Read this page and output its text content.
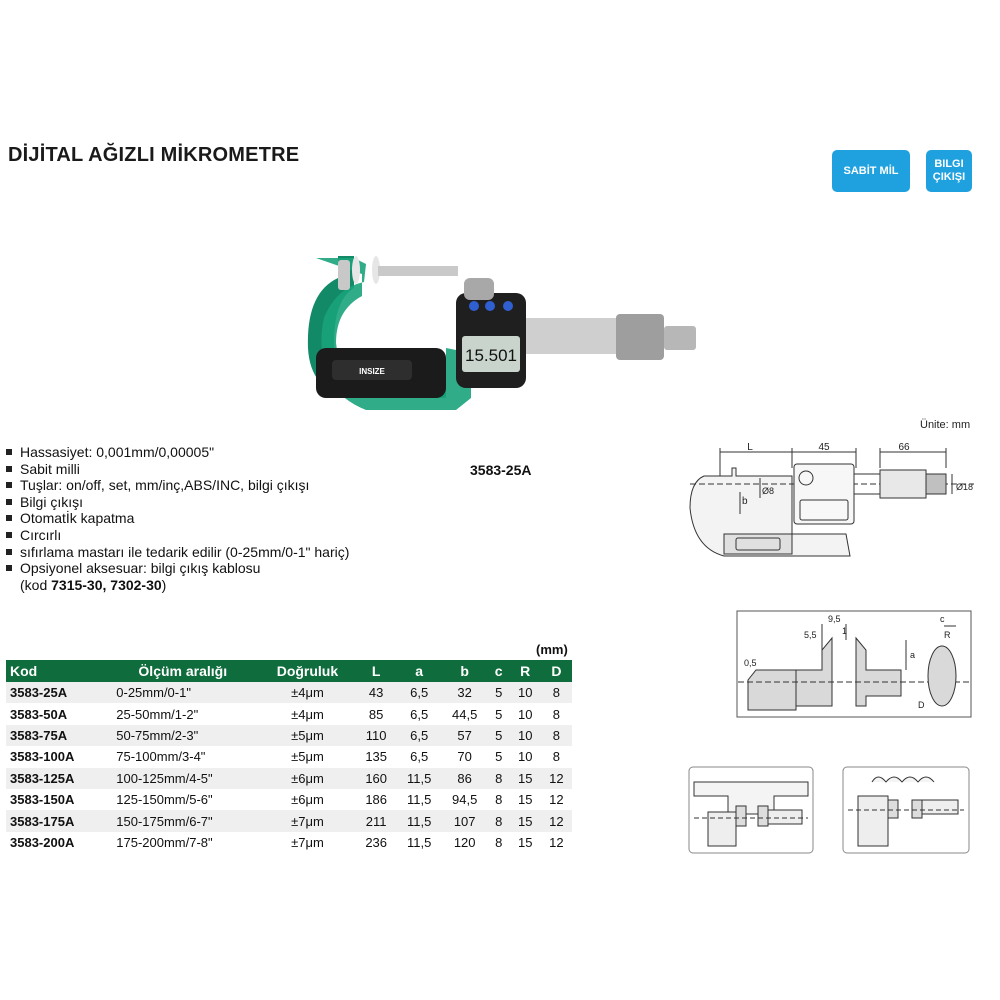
DİJİTAL AĞIZLI MİKROMETRE
SABİT MİL
BILGI
ÇIKIŞI
INSIZE
15.501
Ünite: mm
Hassasiyet: 0,001mm/0,00005"
Sabit milli
Tuşlar: on/off, set, mm/inç,ABS/INC, bilgi çıkışı
Bilgi çıkışı
Otomatİk kapatma
Cırcırlı
sıfırlama mastarı ile tedarik edilir (0-25mm/0-1" hariç)
Opsiyonel aksesuar: bilgi çıkış kablosu
(kod 7315-30, 7302-30)
3583-25A
(mm)
Kod	Ölçüm aralığı	Doğruluk	L	a	b	c	R	D
3583-25A	0-25mm/0-1"	±4μm	43	6,5	32	5	10	8
3583-50A	25-50mm/1-2"	±4μm	85	6,5	44,5	5	10	8
3583-75A	50-75mm/2-3"	±5μm	110	6,5	57	5	10	8
3583-100A	75-100mm/3-4"	±5μm	135	6,5	70	5	10	8
3583-125A	100-125mm/4-5"	±6μm	160	11,5	86	8	15	12
3583-150A	125-150mm/5-6"	±6μm	186	11,5	94,5	8	15	12
3583-175A	150-175mm/6-7"	±7μm	211	11,5	107	8	15	12
3583-200A	175-200mm/7-8"	±7μm	236	11,5	120	8	15	12
L	45	66
b
Ø8	Ø18
9,5
5,5	1
0,5
a
c
R
D
